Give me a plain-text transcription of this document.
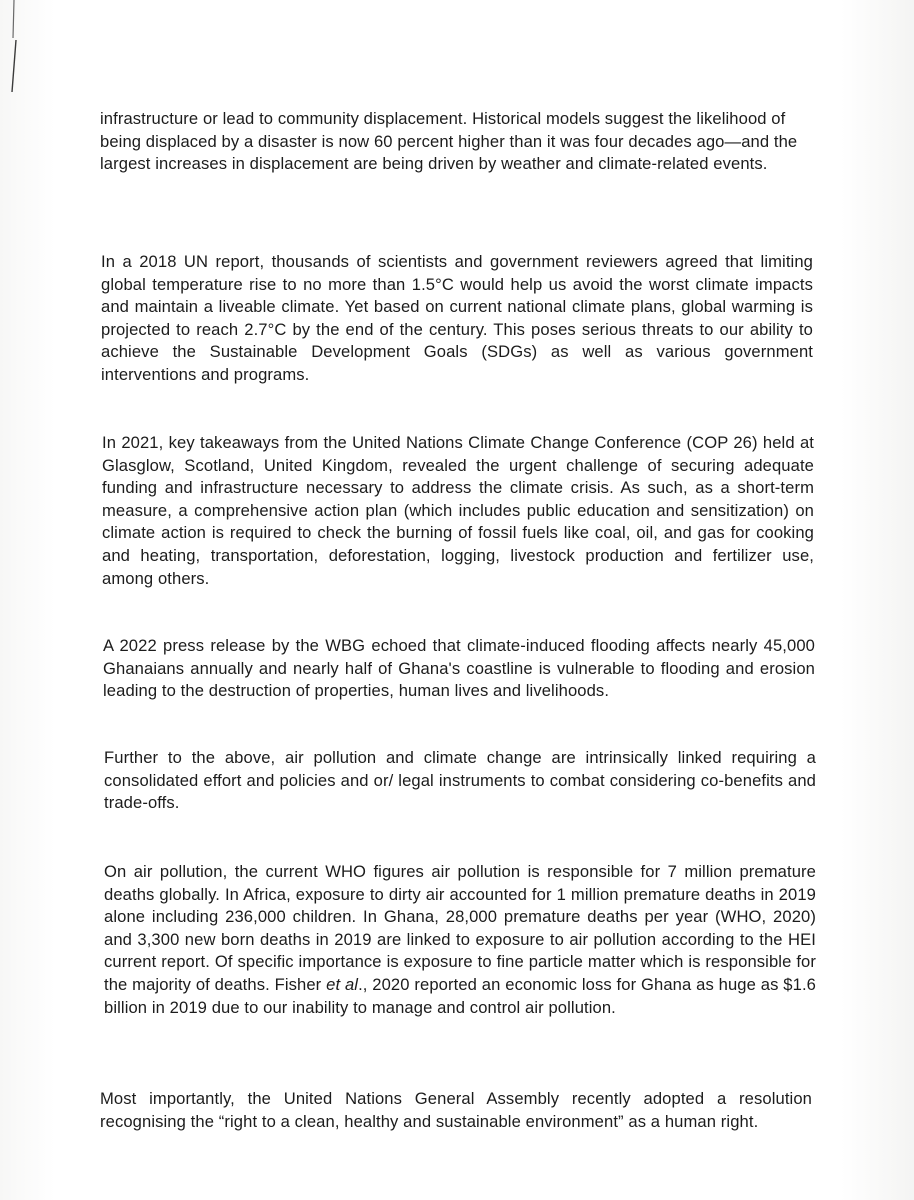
infrastructure or lead to community displacement. Historical models suggest the likelihood of being displaced by a disaster is now 60 percent higher than it was four decades ago—and the largest increases in displacement are being driven by weather and climate-related events.

In a 2018 UN report, thousands of scientists and government reviewers agreed that limiting global temperature rise to no more than 1.5°C would help us avoid the worst climate impacts and maintain a liveable climate. Yet based on current national climate plans, global warming is projected to reach 2.7°C by the end of the century. This poses serious threats to our ability to achieve the Sustainable Development Goals (SDGs) as well as various government interventions and programs.

In 2021, key takeaways from the United Nations Climate Change Conference (COP 26) held at Glasglow, Scotland, United Kingdom, revealed the urgent challenge of securing adequate funding and infrastructure necessary to address the climate crisis. As such, as a short-term measure, a comprehensive action plan (which includes public education and sensitization) on climate action is required to check the burning of fossil fuels like coal, oil, and gas for cooking and heating, transportation, deforestation, logging, livestock production and fertilizer use, among others.

A 2022 press release by the WBG echoed that climate-induced flooding affects nearly 45,000 Ghanaians annually and nearly half of Ghana's coastline is vulnerable to flooding and erosion leading to the destruction of properties, human lives and livelihoods.

Further to the above, air pollution and climate change are intrinsically linked requiring a consolidated effort and policies and or/ legal instruments to combat considering co-benefits and trade-offs.

On air pollution, the current WHO figures air pollution is responsible for 7 million premature deaths globally. In Africa, exposure to dirty air accounted for 1 million premature deaths in 2019 alone including 236,000 children. In Ghana, 28,000 premature deaths per year (WHO, 2020) and 3,300 new born deaths in 2019 are linked to exposure to air pollution according to the HEI current report. Of specific importance is exposure to fine particle matter which is responsible for the majority of deaths. Fisher et al., 2020 reported an economic loss for Ghana as huge as $1.6 billion in 2019 due to our inability to manage and control air pollution.

Most importantly, the United Nations General Assembly recently adopted a resolution recognising the “right to a clean, healthy and sustainable environment” as a human right.
